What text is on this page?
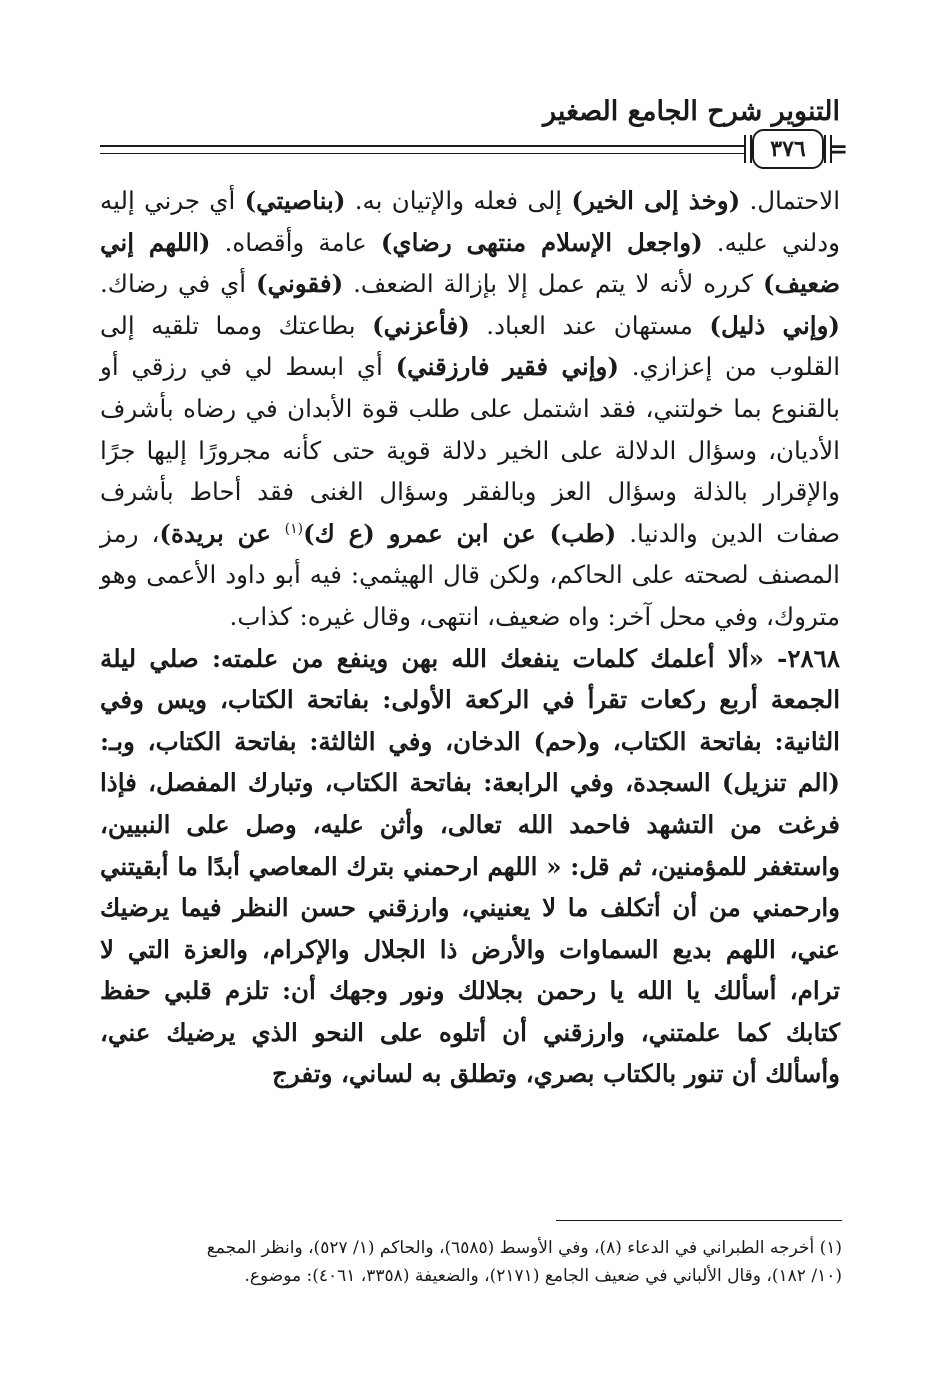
التنوير شرح الجامع الصغير
٣٧٦ =

الاحتمال. (وخذ إلى الخير) إلى فعله والإتيان به. (بناصيتي) أي جرني إليه ودلني عليه. (واجعل الإسلام منتهى رضاي) عامة وأقصاه. (اللهم إني ضعيف) كرره لأنه لا يتم عمل إلا بإزالة الضعف. (فقوني) أي في رضاك. (وإني ذليل) مستهان عند العباد. (فأعزني) بطاعتك ومما تلقيه إلى القلوب من إعزازي. (وإني فقير فارزقني) أي ابسط لي في رزقي أو بالقنوع بما خولتني، فقد اشتمل على طلب قوة الأبدان في رضاه بأشرف الأديان، وسؤال الدلالة على الخير دلالة قوية حتى كأنه مجرورًا إليها جرًا والإقرار بالذلة وسؤال العز وبالفقر وسؤال الغنى فقد أحاط بأشرف صفات الدين والدنيا. (طب) عن ابن عمرو (ع ك)$^{(١)}$ عن بريدة)، رمز المصنف لصحته على الحاكم، ولكن قال الهيثمي: فيه أبو داود الأعمى وهو متروك، وفي محل آخر: واه ضعيف، انتهى، وقال غيره: كذاب.

٢٨٦٨- «ألا أعلمك كلمات ينفعك الله بهن وينفع من علمته: صلي ليلة الجمعة أربع ركعات تقرأ في الركعة الأولى: بفاتحة الكتاب، ويس وفي الثانية: بفاتحة الكتاب، و(حم) الدخان، وفي الثالثة: بفاتحة الكتاب، وبـ: (الم تنزيل) السجدة، وفي الرابعة: بفاتحة الكتاب، وتبارك المفصل، فإذا فرغت من التشهد فاحمد الله تعالى، وأثن عليه، وصل على النبيين، واستغفر للمؤمنين، ثم قل: « اللهم ارحمني بترك المعاصي أبدًا ما أبقيتني وارحمني من أن أتكلف ما لا يعنيني، وارزقني حسن النظر فيما يرضيك عني، اللهم بديع السماوات والأرض ذا الجلال والإكرام، والعزة التي لا ترام، أسألك يا الله يا رحمن بجلالك ونور وجهك أن: تلزم قلبي حفظ كتابك كما علمتني، وارزقني أن أتلوه على النحو الذي يرضيك عني، وأسألك أن تنور بالكتاب بصري، وتطلق به لساني، وتفرج

(١) أخرجه الطبراني في الدعاء (٨)، وفي الأوسط (٦٥٨٥)، والحاكم (١/ ٥٢٧)، وانظر المجمع
(١٠/ ١٨٢)، وقال الألباني في ضعيف الجامع (٢١٧١)، والضعيفة (٣٣٥٨، ٤٠٦١): موضوع.
